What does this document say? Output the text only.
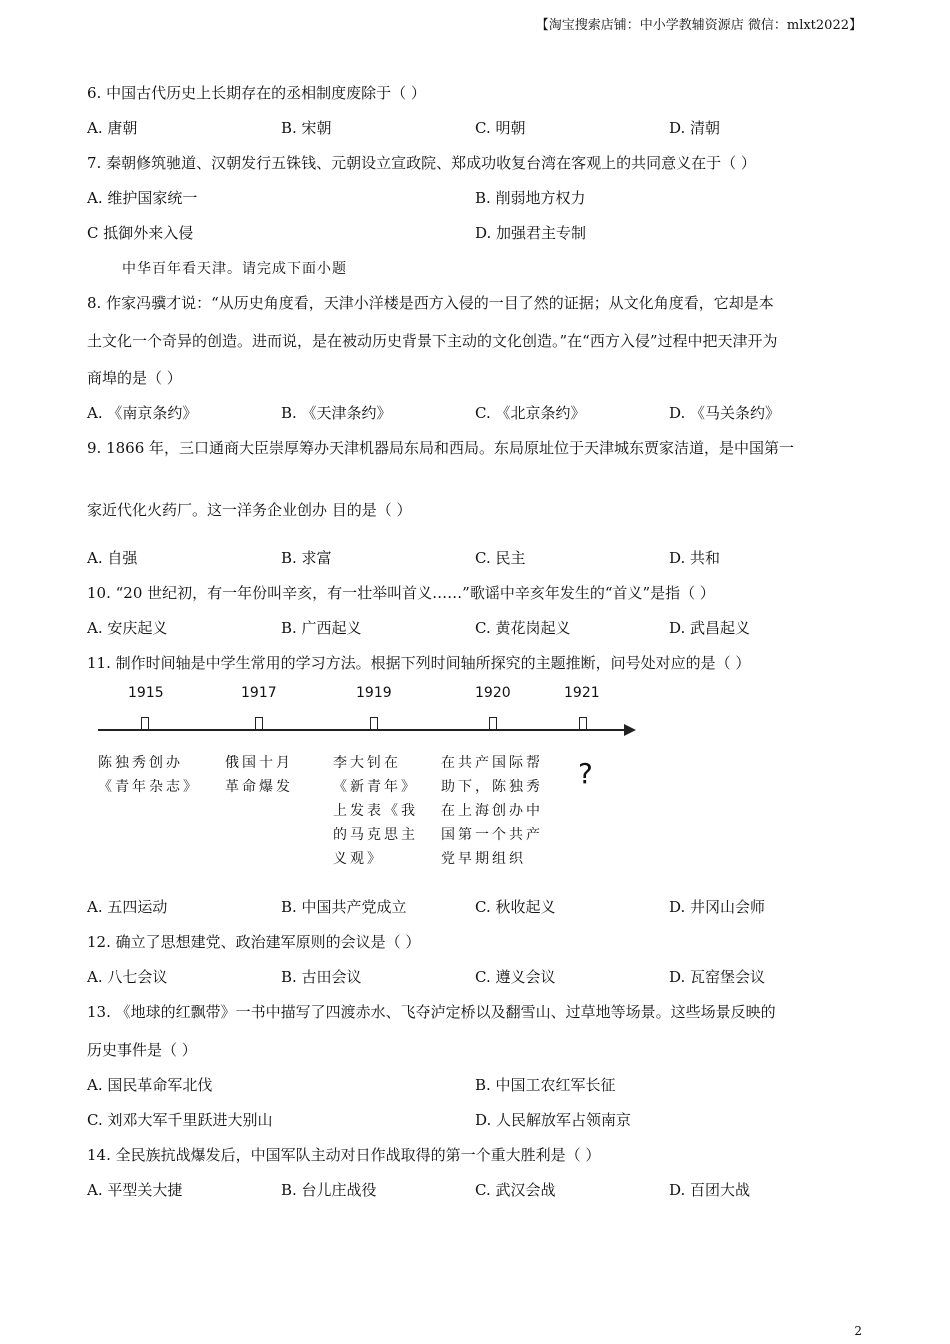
【淘宝搜索店铺：中小学教辅资源店 微信：mlxt2022】
6. 中国古代历史上长期存在的丞相制度废除于（ ）
A. 唐朝	B. 宋朝	C. 明朝	D. 清朝
7. 秦朝修筑驰道、汉朝发行五铢钱、元朝设立宣政院、郑成功收复台湾在客观上的共同意义在于（ ）
A. 维护国家统一	B. 削弱地方权力
C 抵御外来入侵	D. 加强君主专制
中华百年看天津。请完成下面小题
8. 作家冯骥才说：“从历史角度看，天津小洋楼是西方入侵的一目了然的证据；从文化角度看，它却是本
土文化一个奇异的创造。进而说，是在被动历史背景下主动的文化创造。”在“西方入侵”过程中把天津开为
商埠的是（ ）
A. 《南京条约》	B. 《天津条约》	C. 《北京条约》	D. 《马关条约》
9. 1866 年，三口通商大臣崇厚筹办天津机器局东局和西局。东局原址位于天津城东贾家洁道，是中国第一
家近代化火药厂。这一洋务企业创办 目的是（ ）
A. 自强	B. 求富	C. 民主	D. 共和
10. “20 世纪初，有一年份叫辛亥，有一壮举叫首义……”歌谣中辛亥年发生的“首义”是指（ ）
A. 安庆起义	B. 广西起义	C. 黄花岗起义	D. 武昌起义
11. 制作时间轴是中学生常用的学习方法。根据下列时间轴所探究的主题推断，问号处对应的是（ ）
1915	1917	1919	1920	1921
陈独秀创办《青年杂志》
俄国十月革命爆发
李大钊在《新青年》上发表《我的马克思主义观》
在共产国际帮助下，陈独秀在上海创办中国第一个共产党早期组织
?
A. 五四运动	B. 中国共产党成立	C. 秋收起义	D. 井冈山会师
12. 确立了思想建党、政治建军原则的会议是（ ）
A. 八七会议	B. 古田会议	C. 遵义会议	D. 瓦窑堡会议
13. 《地球的红飘带》一书中描写了四渡赤水、飞夺泸定桥以及翻雪山、过草地等场景。这些场景反映的
历史事件是（ ）
A. 国民革命军北伐	B. 中国工农红军长征
C. 刘邓大军千里跃进大别山	D. 人民解放军占领南京
14. 全民族抗战爆发后，中国军队主动对日作战取得的第一个重大胜利是（ ）
A. 平型关大捷	B. 台儿庄战役	C. 武汉会战	D. 百团大战
2
